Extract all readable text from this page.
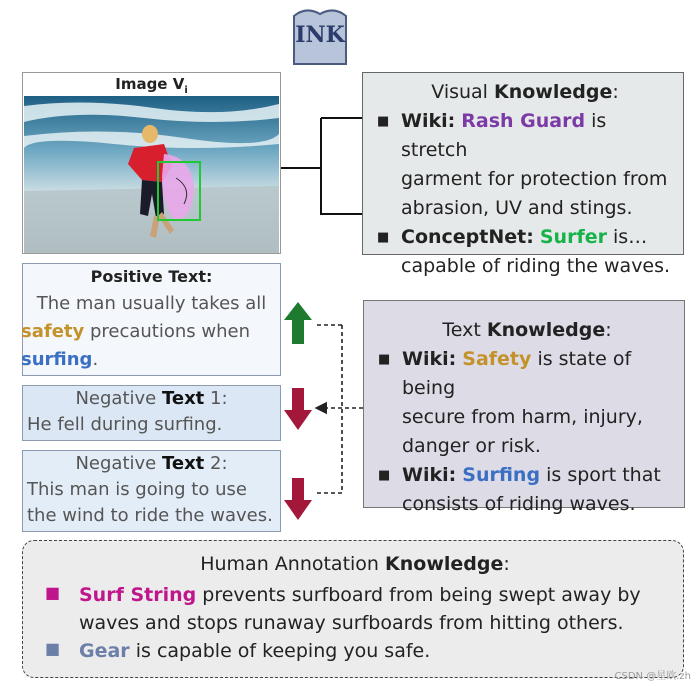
INK
Image $V_i$	Visual Knowledge:
■ Wiki: Rash Guard is stretch
garment for protection from
abrasion, UV and stings.
■ ConceptNet: Surfer is…
capable of riding the waves.
Positive Text:
The man usually takes all

safety precautions when
surfing.
Negative Text 1:
He fell during surfing.
Negative Text 2:
This man is going to use
the wind to ride the waves.
Text Knowledge:
■ Wiki: Safety is state of being
secure from harm, injury,
danger or risk.
■ Wiki: Surfing is sport that
consists of riding waves.
Human Annotation Knowledge:
■ Surf String prevents surfboard from being swept away by
waves and stops runaway surfboards from hitting others.
■ Gear is capable of keeping you safe.
CSDN @星欧.zh
